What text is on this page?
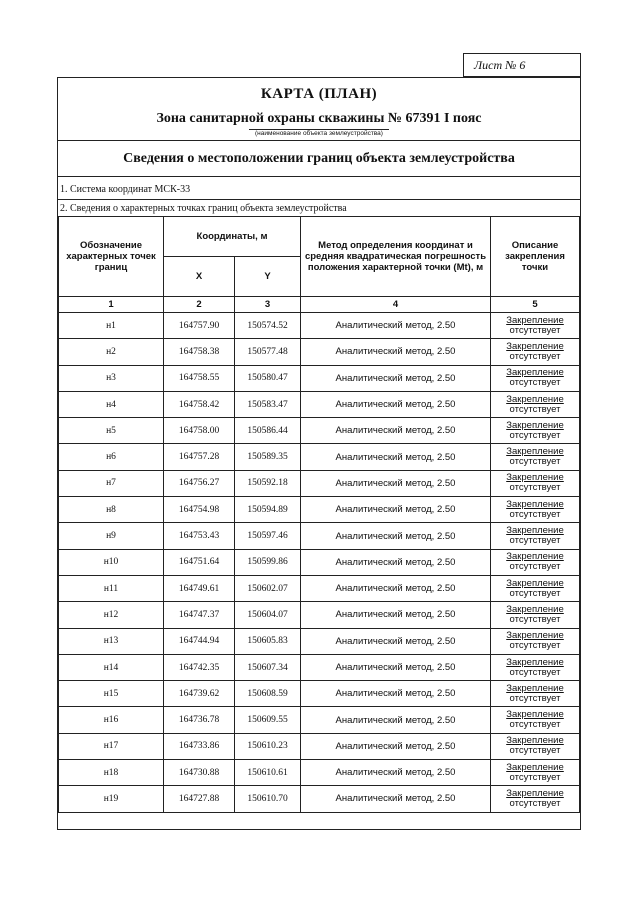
Лист № 6
КАРТА (ПЛАН)
Зона санитарной охраны скважины № 67391 I пояс
(наименование объекта землеустройства)
Сведения о местоположении границ объекта землеустройства
1. Система координат МСК-33
2. Сведения о характерных точках границ объекта землеустройства
Обозначение характерных точек границ	Координаты, м		Метод определения координат и средняя квадратическая погрешность положения характерной точки (Mt), м	Описание закрепления точки
	X	Y		
1	2	3	4	5
н1	164757.90	150574.52	Аналитический метод, 2.50	Закрепление
отсутствует

н2	164758.38	150577.48	Аналитический метод, 2.50	Закрепление
отсутствует

н3	164758.55	150580.47	Аналитический метод, 2.50	Закрепление
отсутствует

н4	164758.42	150583.47	Аналитический метод, 2.50	Закрепление
отсутствует

н5	164758.00	150586.44	Аналитический метод, 2.50	Закрепление
отсутствует

н6	164757.28	150589.35	Аналитический метод, 2.50	Закрепление
отсутствует

н7	164756.27	150592.18	Аналитический метод, 2.50	Закрепление
отсутствует

н8	164754.98	150594.89	Аналитический метод, 2.50	Закрепление
отсутствует

н9	164753.43	150597.46	Аналитический метод, 2.50	Закрепление
отсутствует

н10	164751.64	150599.86	Аналитический метод, 2.50	Закрепление
отсутствует

н11	164749.61	150602.07	Аналитический метод, 2.50	Закрепление
отсутствует

н12	164747.37	150604.07	Аналитический метод, 2.50	Закрепление
отсутствует

н13	164744.94	150605.83	Аналитический метод, 2.50	Закрепление
отсутствует

н14	164742.35	150607.34	Аналитический метод, 2.50	Закрепление
отсутствует

н15	164739.62	150608.59	Аналитический метод, 2.50	Закрепление
отсутствует

н16	164736.78	150609.55	Аналитический метод, 2.50	Закрепление
отсутствует

н17	164733.86	150610.23	Аналитический метод, 2.50	Закрепление
отсутствует

н18	164730.88	150610.61	Аналитический метод, 2.50	Закрепление
отсутствует

н19	164727.88	150610.70	Аналитический метод, 2.50	Закрепление
отсутствует
